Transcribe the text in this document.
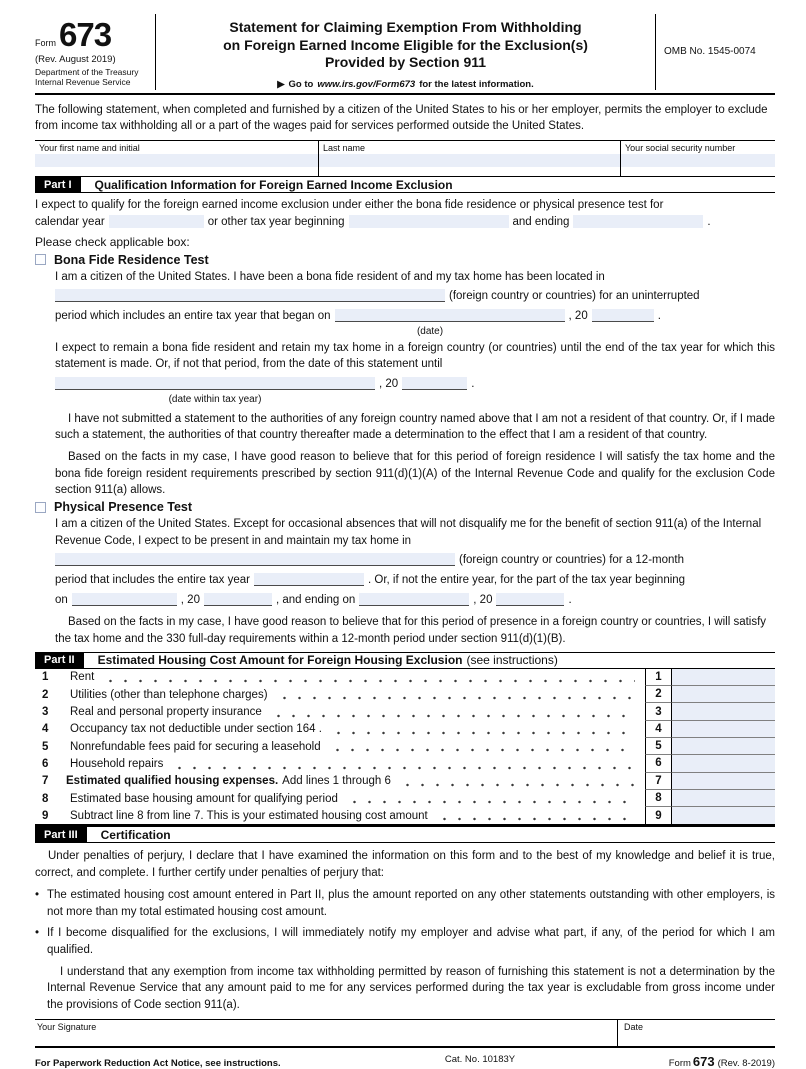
Form 673
(Rev. August 2019)
Department of the Treasury
Internal Revenue Service
Statement for Claiming Exemption From Withholding
on Foreign Earned Income Eligible for the Exclusion(s)
Provided by Section 911
▶ Go to www.irs.gov/Form673 for the latest information.
OMB No. 1545-0074

The following statement, when completed and furnished by a citizen of the United States to his or her employer, permits the employer to exclude from income tax withholding all or a part of the wages paid for services performed outside the United States.

Your first name and initial	Last name	Your social security number
Part I	Qualification Information for Foreign Earned Income Exclusion

I expect to qualify for the foreign earned income exclusion under either the bona fide residence or physical presence test for
calendar year	or other tax year beginning	and ending	.

Please check applicable box:

Bona Fide Residence Test

I am a citizen of the United States. I have been a bona fide resident of and my tax home has been located in

(foreign country or countries) for an uninterrupted

period which includes an entire tax year that began on	, 20	.

(date)

I expect to remain a bona fide resident and retain my tax home in a foreign country (or countries) until the end of the tax year for which this statement is made. Or, if not that period, from the date of this statement until

, 20	.

(date within tax year)

I have not submitted a statement to the authorities of any foreign country named above that I am not a resident of that country. Or, if I made such a statement, the authorities of that country thereafter made a determination to the effect that I am a resident of that country.

Based on the facts in my case, I have good reason to believe that for this period of foreign residence I will satisfy the tax home and the bona fide foreign resident requirements prescribed by section 911(d)(1)(A) of the Internal Revenue Code and qualify for the exclusion Code section 911(a) allows.

Physical Presence Test

I am a citizen of the United States. Except for occasional absences that will not disqualify me for the benefit of section 911(a) of the Internal Revenue Code, I expect to be present in and maintain my tax home in

(foreign country or countries) for a 12-month

period that includes the entire tax year	. Or, if not the entire year, for the part of the tax year beginning

on	, 20	, and ending on	, 20	.

Based on the facts in my case, I have good reason to believe that for this period of presence in a foreign country or countries, I will satisfy the tax home and the 330 full-day requirements within a 12-month period under section 911(d)(1)(B).

Part II	Estimated Housing Cost Amount for Foreign Housing Exclusion (see instructions)
1	Rent	1
2	Utilities (other than telephone charges)	2
3	Real and personal property insurance	3
4	Occupancy tax not deductible under section 164 .	4
5	Nonrefundable fees paid for securing a leasehold	5
6	Household repairs	6
7	Estimated qualified housing expenses. Add lines 1 through 6	7
8	Estimated base housing amount for qualifying period	8
9	Subtract line 8 from line 7. This is your estimated housing cost amount	9
Part III	Certification

Under penalties of perjury, I declare that I have examined the information on this form and to the best of my knowledge and belief it is true, correct, and complete. I further certify under penalties of perjury that:

• The estimated housing cost amount entered in Part II, plus the amount reported on any other statements outstanding with other employers, is not more than my total estimated housing cost amount.
• If I become disqualified for the exclusions, I will immediately notify my employer and advise what part, if any, of the period for which I am qualified.

I understand that any exemption from income tax withholding permitted by reason of furnishing this statement is not a determination by the Internal Revenue Service that any amount paid to me for any services performed during the tax year is excludable from gross income under the provisions of Code section 911(a).

Your Signature	Date
For Paperwork Reduction Act Notice, see instructions.	Cat. No. 10183Y	Form 673 (Rev. 8-2019)
